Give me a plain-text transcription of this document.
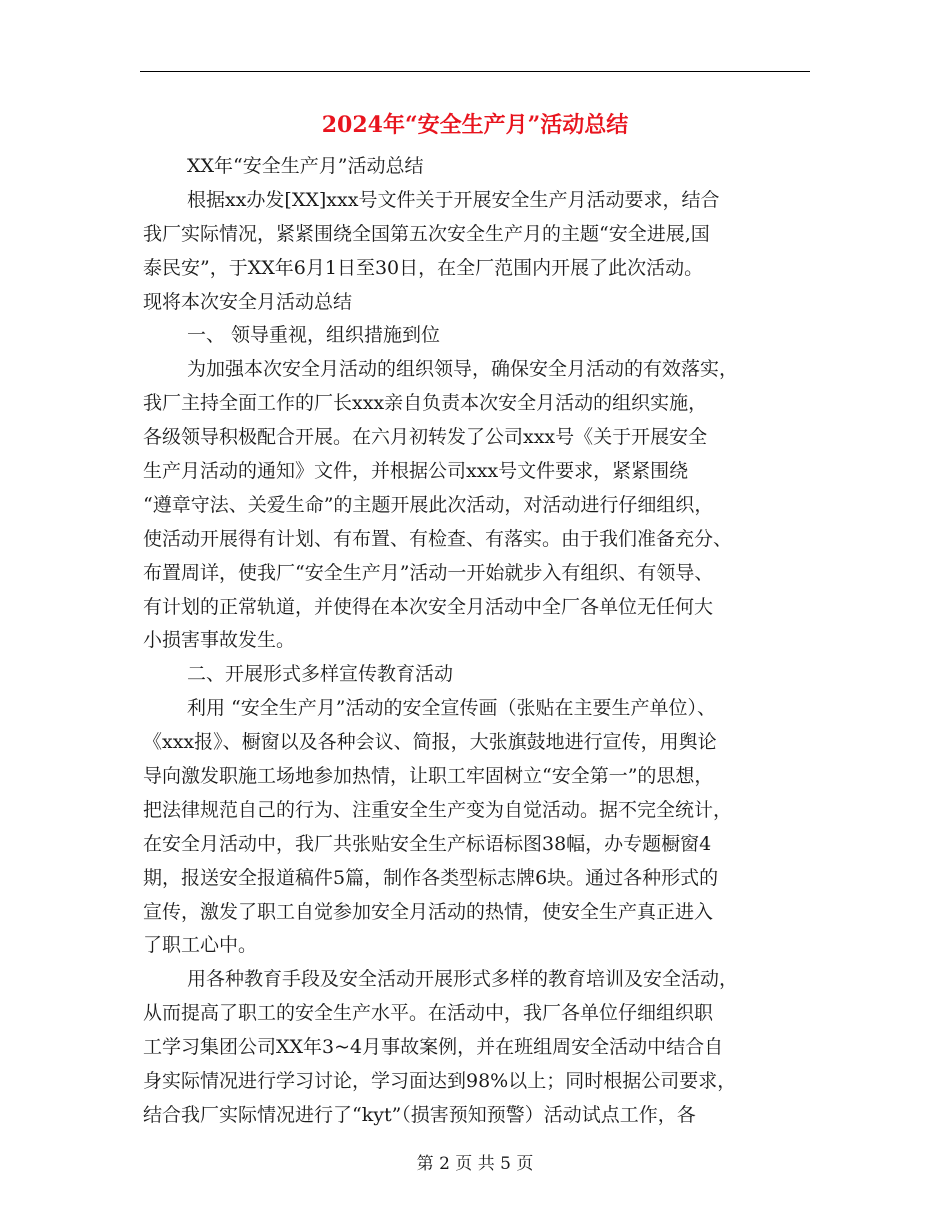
2024年“安全生产月”活动总结
XX年“安全生产月”活动总结
根据xx办发[XX]xxx号文件关于开展安全生产月活动要求，结合
我厂实际情况，紧紧围绕全国第五次安全生产月的主题“安全进展,国
泰民安”，于XX年6月1日至30日，在全厂范围内开展了此次活动。
现将本次安全月活动总结
一、 领导重视，组织措施到位
为加强本次安全月活动的组织领导，确保安全月活动的有效落实，
我厂主持全面工作的厂长xxx亲自负责本次安全月活动的组织实施，
各级领导积极配合开展。在六月初转发了公司xxx号《关于开展安全
生产月活动的通知》文件，并根据公司xxx号文件要求，紧紧围绕
“遵章守法、关爱生命”的主题开展此次活动，对活动进行仔细组织，
使活动开展得有计划、有布置、有检查、有落实。由于我们准备充分、
布置周详，使我厂“安全生产月”活动一开始就步入有组织、有领导、
有计划的正常轨道，并使得在本次安全月活动中全厂各单位无任何大
小损害事故发生。
二、开展形式多样宣传教育活动
利用 “安全生产月”活动的安全宣传画（张贴在主要生产单位）、
《xxx报》、橱窗以及各种会议、简报，大张旗鼓地进行宣传，用舆论
导向激发职施工场地参加热情，让职工牢固树立“安全第一”的思想，
把法律规范自己的行为、注重安全生产变为自觉活动。据不完全统计，
在安全月活动中，我厂共张贴安全生产标语标图38幅，办专题橱窗4
期，报送安全报道稿件5篇，制作各类型标志牌6块。通过各种形式的
宣传，激发了职工自觉参加安全月活动的热情，使安全生产真正进入
了职工心中。
用各种教育手段及安全活动开展形式多样的教育培训及安全活动，
从而提高了职工的安全生产水平。在活动中，我厂各单位仔细组织职
工学习集团公司XX年3~4月事故案例，并在班组周安全活动中结合自
身实际情况进行学习讨论，学习面达到98%以上；同时根据公司要求，
结合我厂实际情况进行了“kyt”（损害预知预警）活动试点工作，各
第 2 页 共 5 页
